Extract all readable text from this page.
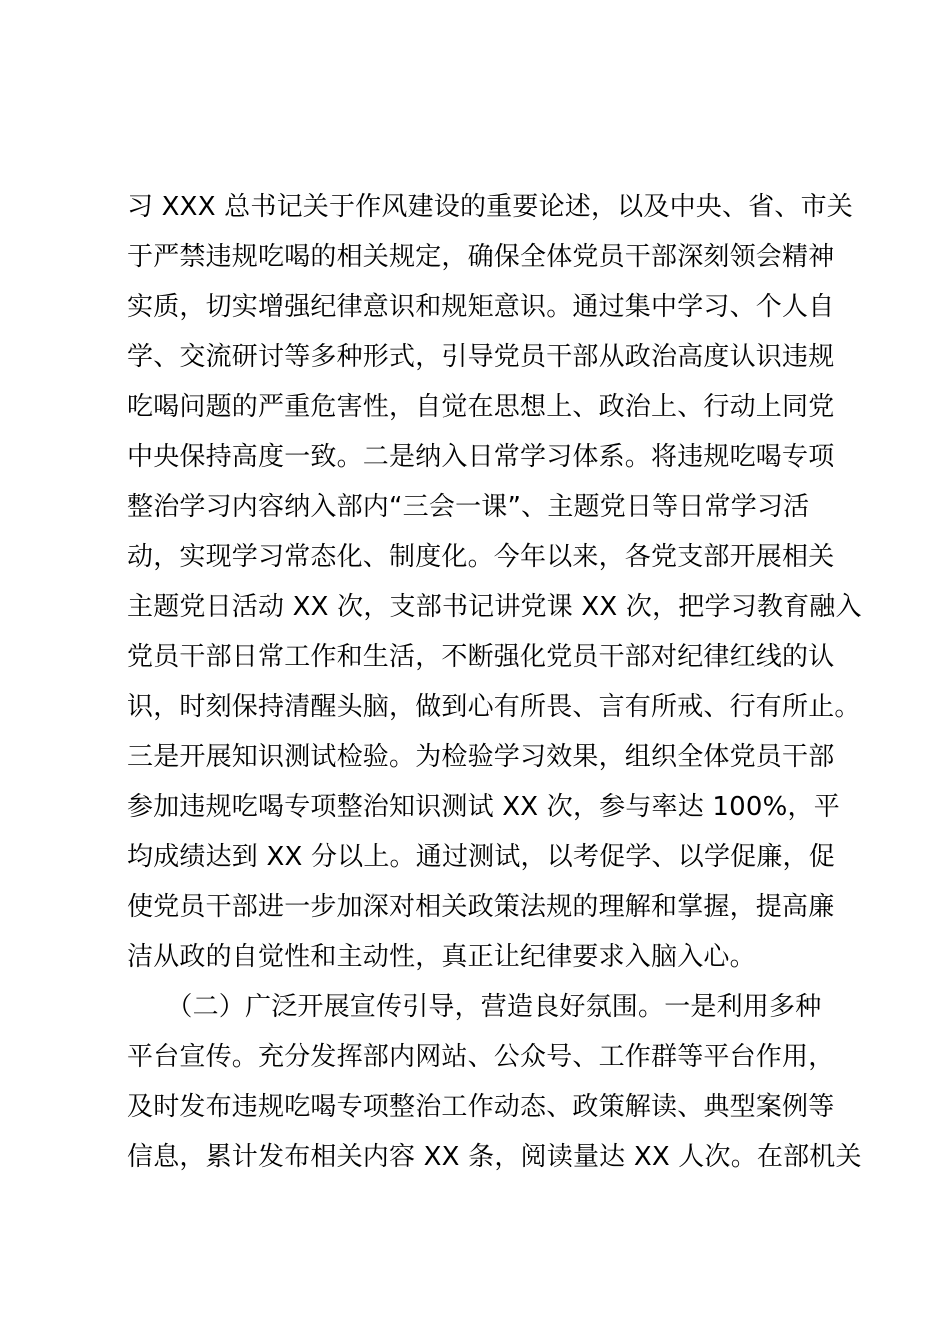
习 XXX 总书记关于作风建设的重要论述，以及中央、省、市关
于严禁违规吃喝的相关规定，确保全体党员干部深刻领会精神
实质，切实增强纪律意识和规矩意识。通过集中学习、个人自
学、交流研讨等多种形式，引导党员干部从政治高度认识违规
吃喝问题的严重危害性，自觉在思想上、政治上、行动上同党
中央保持高度一致。二是纳入日常学习体系。将违规吃喝专项
整治学习内容纳入部内“三会一课”、主题党日等日常学习活
动，实现学习常态化、制度化。今年以来，各党支部开展相关
主题党日活动 XX 次，支部书记讲党课 XX 次，把学习教育融入
党员干部日常工作和生活，不断强化党员干部对纪律红线的认
识，时刻保持清醒头脑，做到心有所畏、言有所戒、行有所止。
三是开展知识测试检验。为检验学习效果，组织全体党员干部
参加违规吃喝专项整治知识测试 XX 次，参与率达 100%，平
均成绩达到 XX 分以上。通过测试，以考促学、以学促廉，促
使党员干部进一步加深对相关政策法规的理解和掌握，提高廉
洁从政的自觉性和主动性，真正让纪律要求入脑入心。
　　（二）广泛开展宣传引导，营造良好氛围。一是利用多种
平台宣传。充分发挥部内网站、公众号、工作群等平台作用，
及时发布违规吃喝专项整治工作动态、政策解读、典型案例等
信息，累计发布相关内容 XX 条，阅读量达 XX 人次。在部机关
